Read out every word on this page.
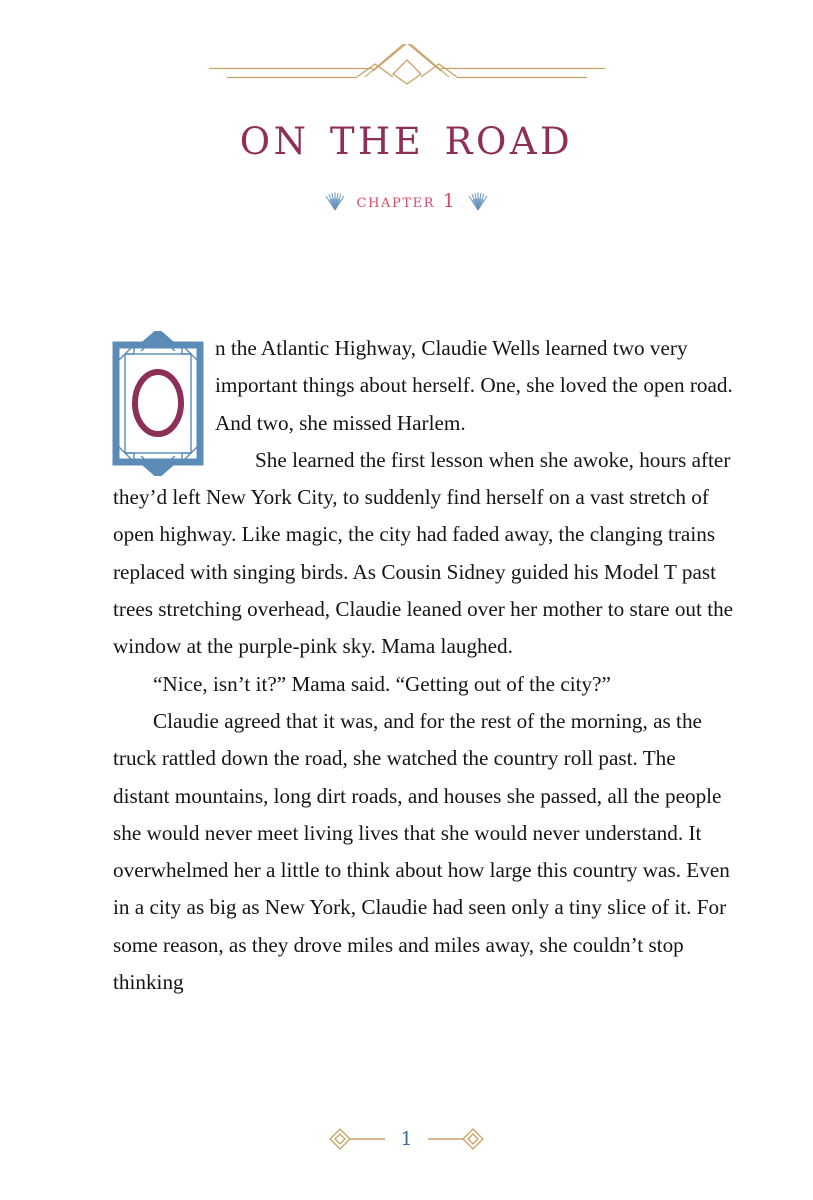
on the road
chapter 1

n the Atlantic Highway, Claudie Wells learned two very important things about herself. One, she loved the open road. And two, she missed Harlem.

She learned the first lesson when she awoke, hours after they’d left New York City, to suddenly find herself on a vast stretch of open highway. Like magic, the city had faded away, the clanging trains replaced with singing birds. As Cousin Sidney guided his Model T past trees stretching overhead, Claudie leaned over her mother to stare out the window at the purple-pink sky. Mama laughed.

“Nice, isn’t it?” Mama said. “Getting out of the city?”

Claudie agreed that it was, and for the rest of the morning, as the truck rattled down the road, she watched the country roll past. The distant mountains, long dirt roads, and houses she passed, all the people she would never meet living lives that she would never understand. It overwhelmed her a little to think about how large this country was. Even in a city as big as New York, Claudie had seen only a tiny slice of it. For some reason, as they drove miles and miles away, she couldn’t stop thinking

1
